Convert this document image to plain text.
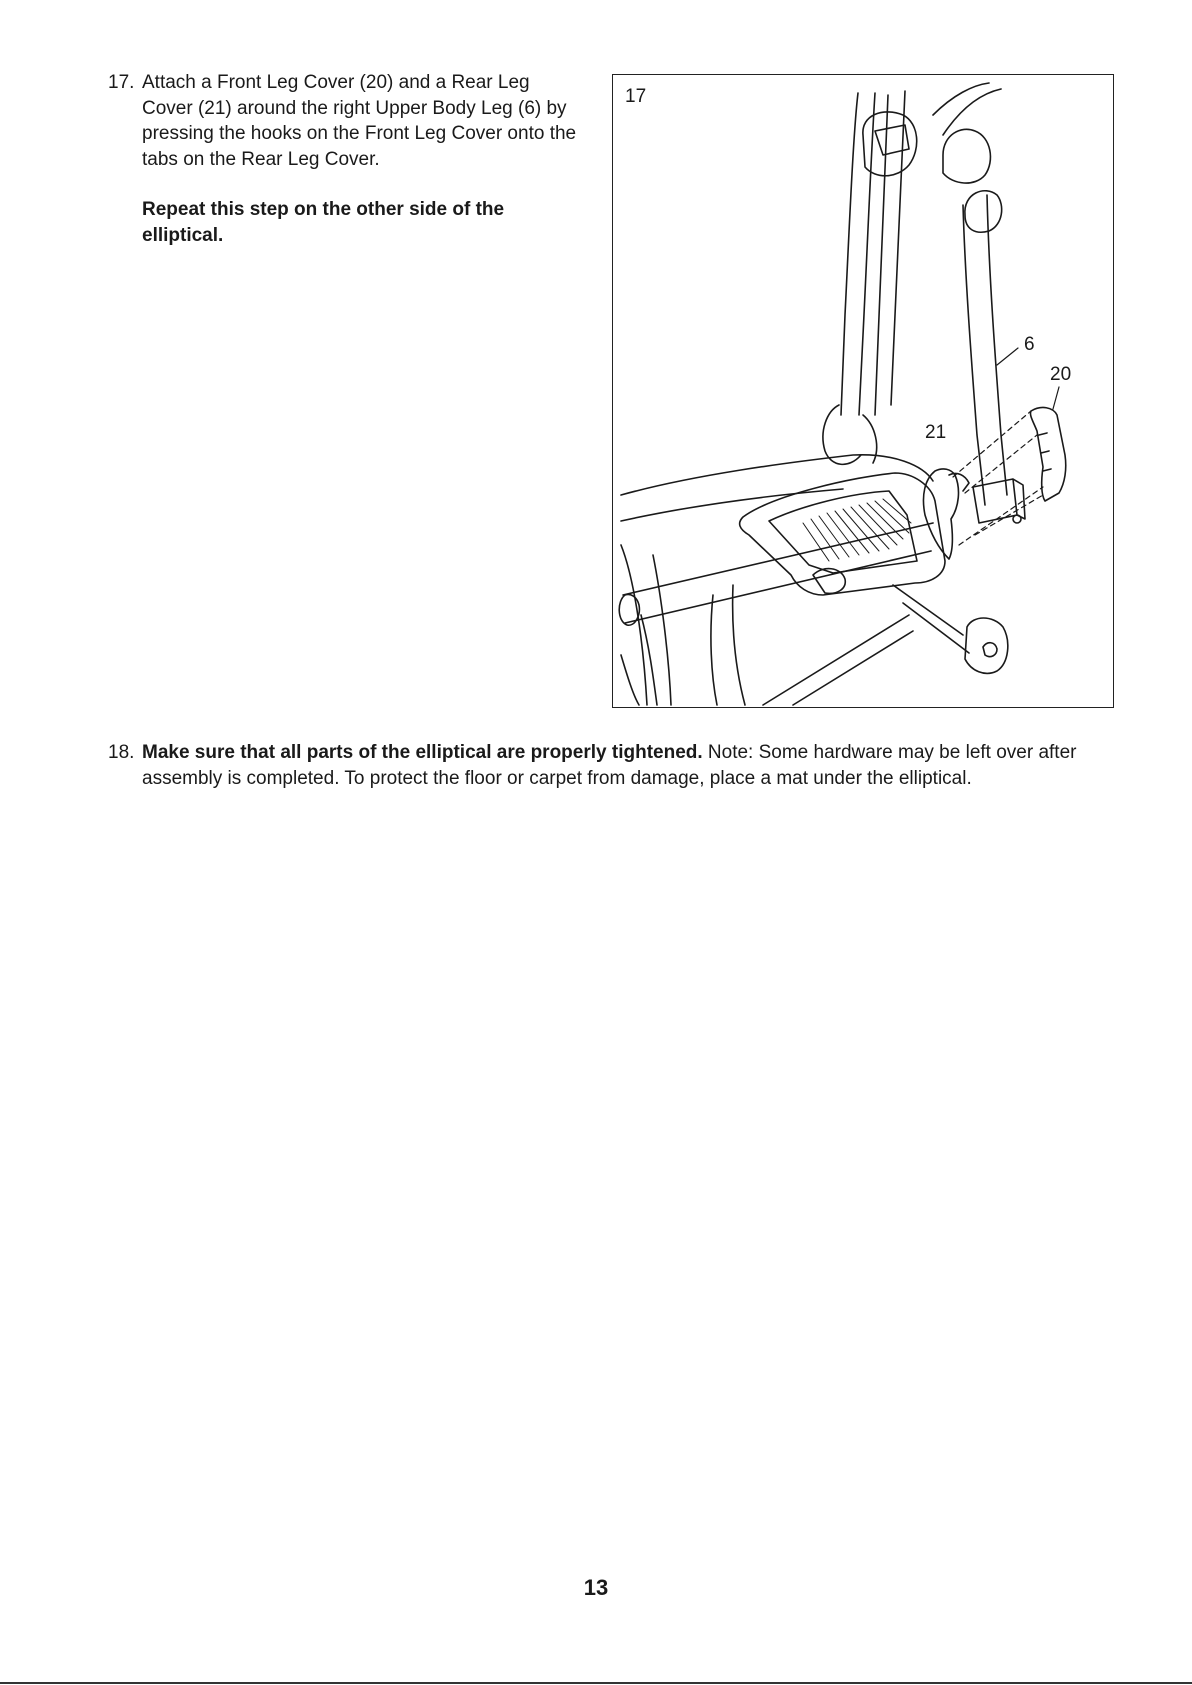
17. Attach a Front Leg Cover (20) and a Rear Leg Cover (21) around the right Upper Body Leg (6) by pressing the hooks on the Front Leg Cover onto the tabs on the Rear Leg Cover.
Repeat this step on the other side of the elliptical.
17
6
20
21
18. Make sure that all parts of the elliptical are properly tightened. Note: Some hardware may be left over after assembly is completed. To protect the floor or carpet from damage, place a mat under the elliptical.
13
